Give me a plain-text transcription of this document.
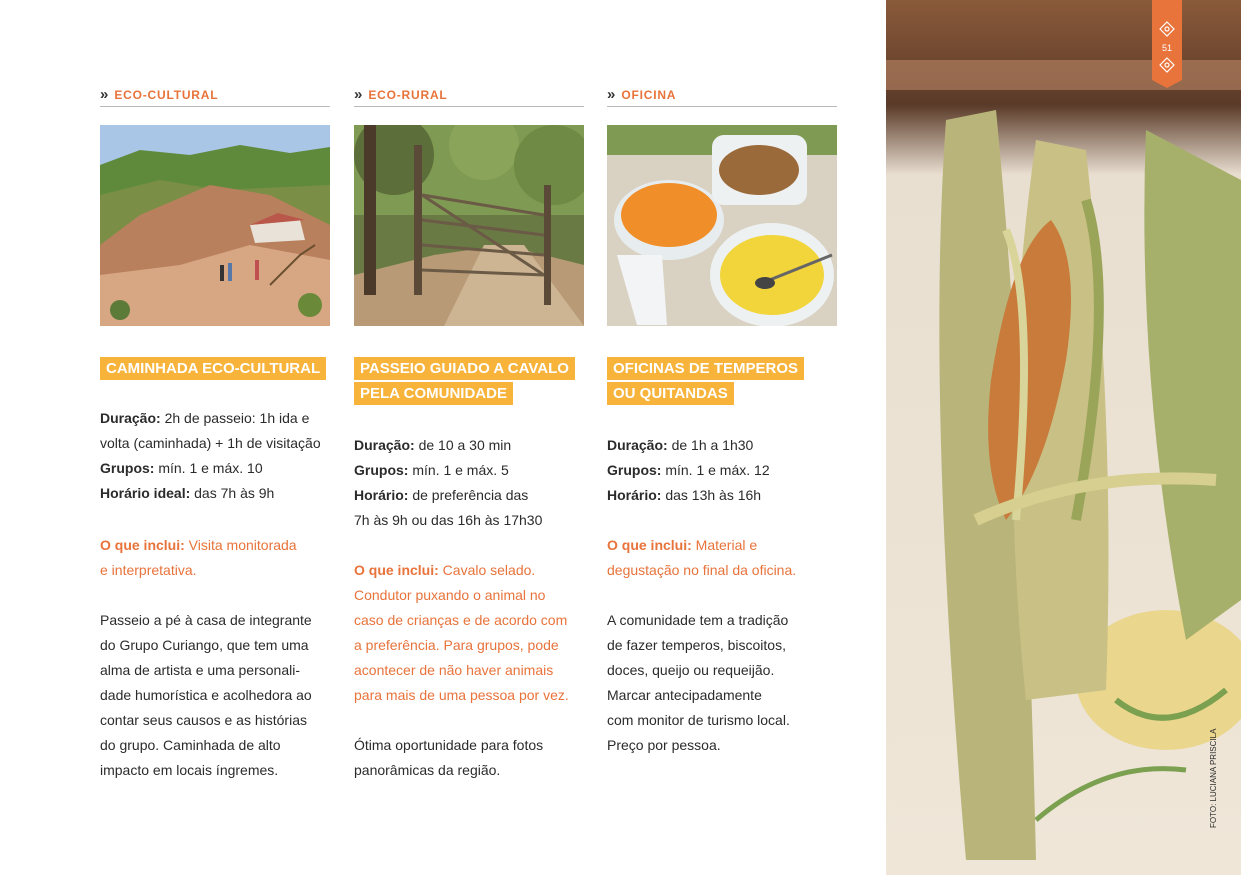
» ECO-CULTURAL
CAMINHADA ECO-CULTURAL

Duração: 2h de passeio: 1h ida e

volta (caminhada) + 1h de visitação

Grupos: mín. 1 e máx. 10

Horário ideal: das 7h às 9h

O que inclui: Visita monitorada

e interpretativa.

Passeio a pé à casa de integrante

do Grupo Curiango, que tem uma

alma de artista e uma personali-

dade humorística e acolhedora ao

contar seus causos e as histórias

do grupo. Caminhada de alto

impacto em locais íngremes.

» ECO-RURAL
PASSEIO GUIADO A CAVALO
PELA COMUNIDADE

Duração: de 10 a 30 min

Grupos: mín. 1 e máx. 5

Horário: de preferência das

7h às 9h ou das 16h às 17h30

O que inclui: Cavalo selado.

Condutor puxando o animal no

caso de crianças e de acordo com

a preferência. Para grupos, pode

acontecer de não haver animais

para mais de uma pessoa por vez.

Ótima oportunidade para fotos

panorâmicas da região.

» OFICINA
OFICINAS DE TEMPEROS
OU QUITANDAS

Duração: de 1h a 1h30

Grupos: mín. 1 e máx. 12

Horário: das 13h às 16h

O que inclui: Material e

degustação no final da oficina.

A comunidade tem a tradição

de fazer temperos, biscoitos,

doces, queijo ou requeijão.

Marcar antecipadamente

com monitor de turismo local.

Preço por pessoa.

51
FOTO: LUCIANA PRISCILA
